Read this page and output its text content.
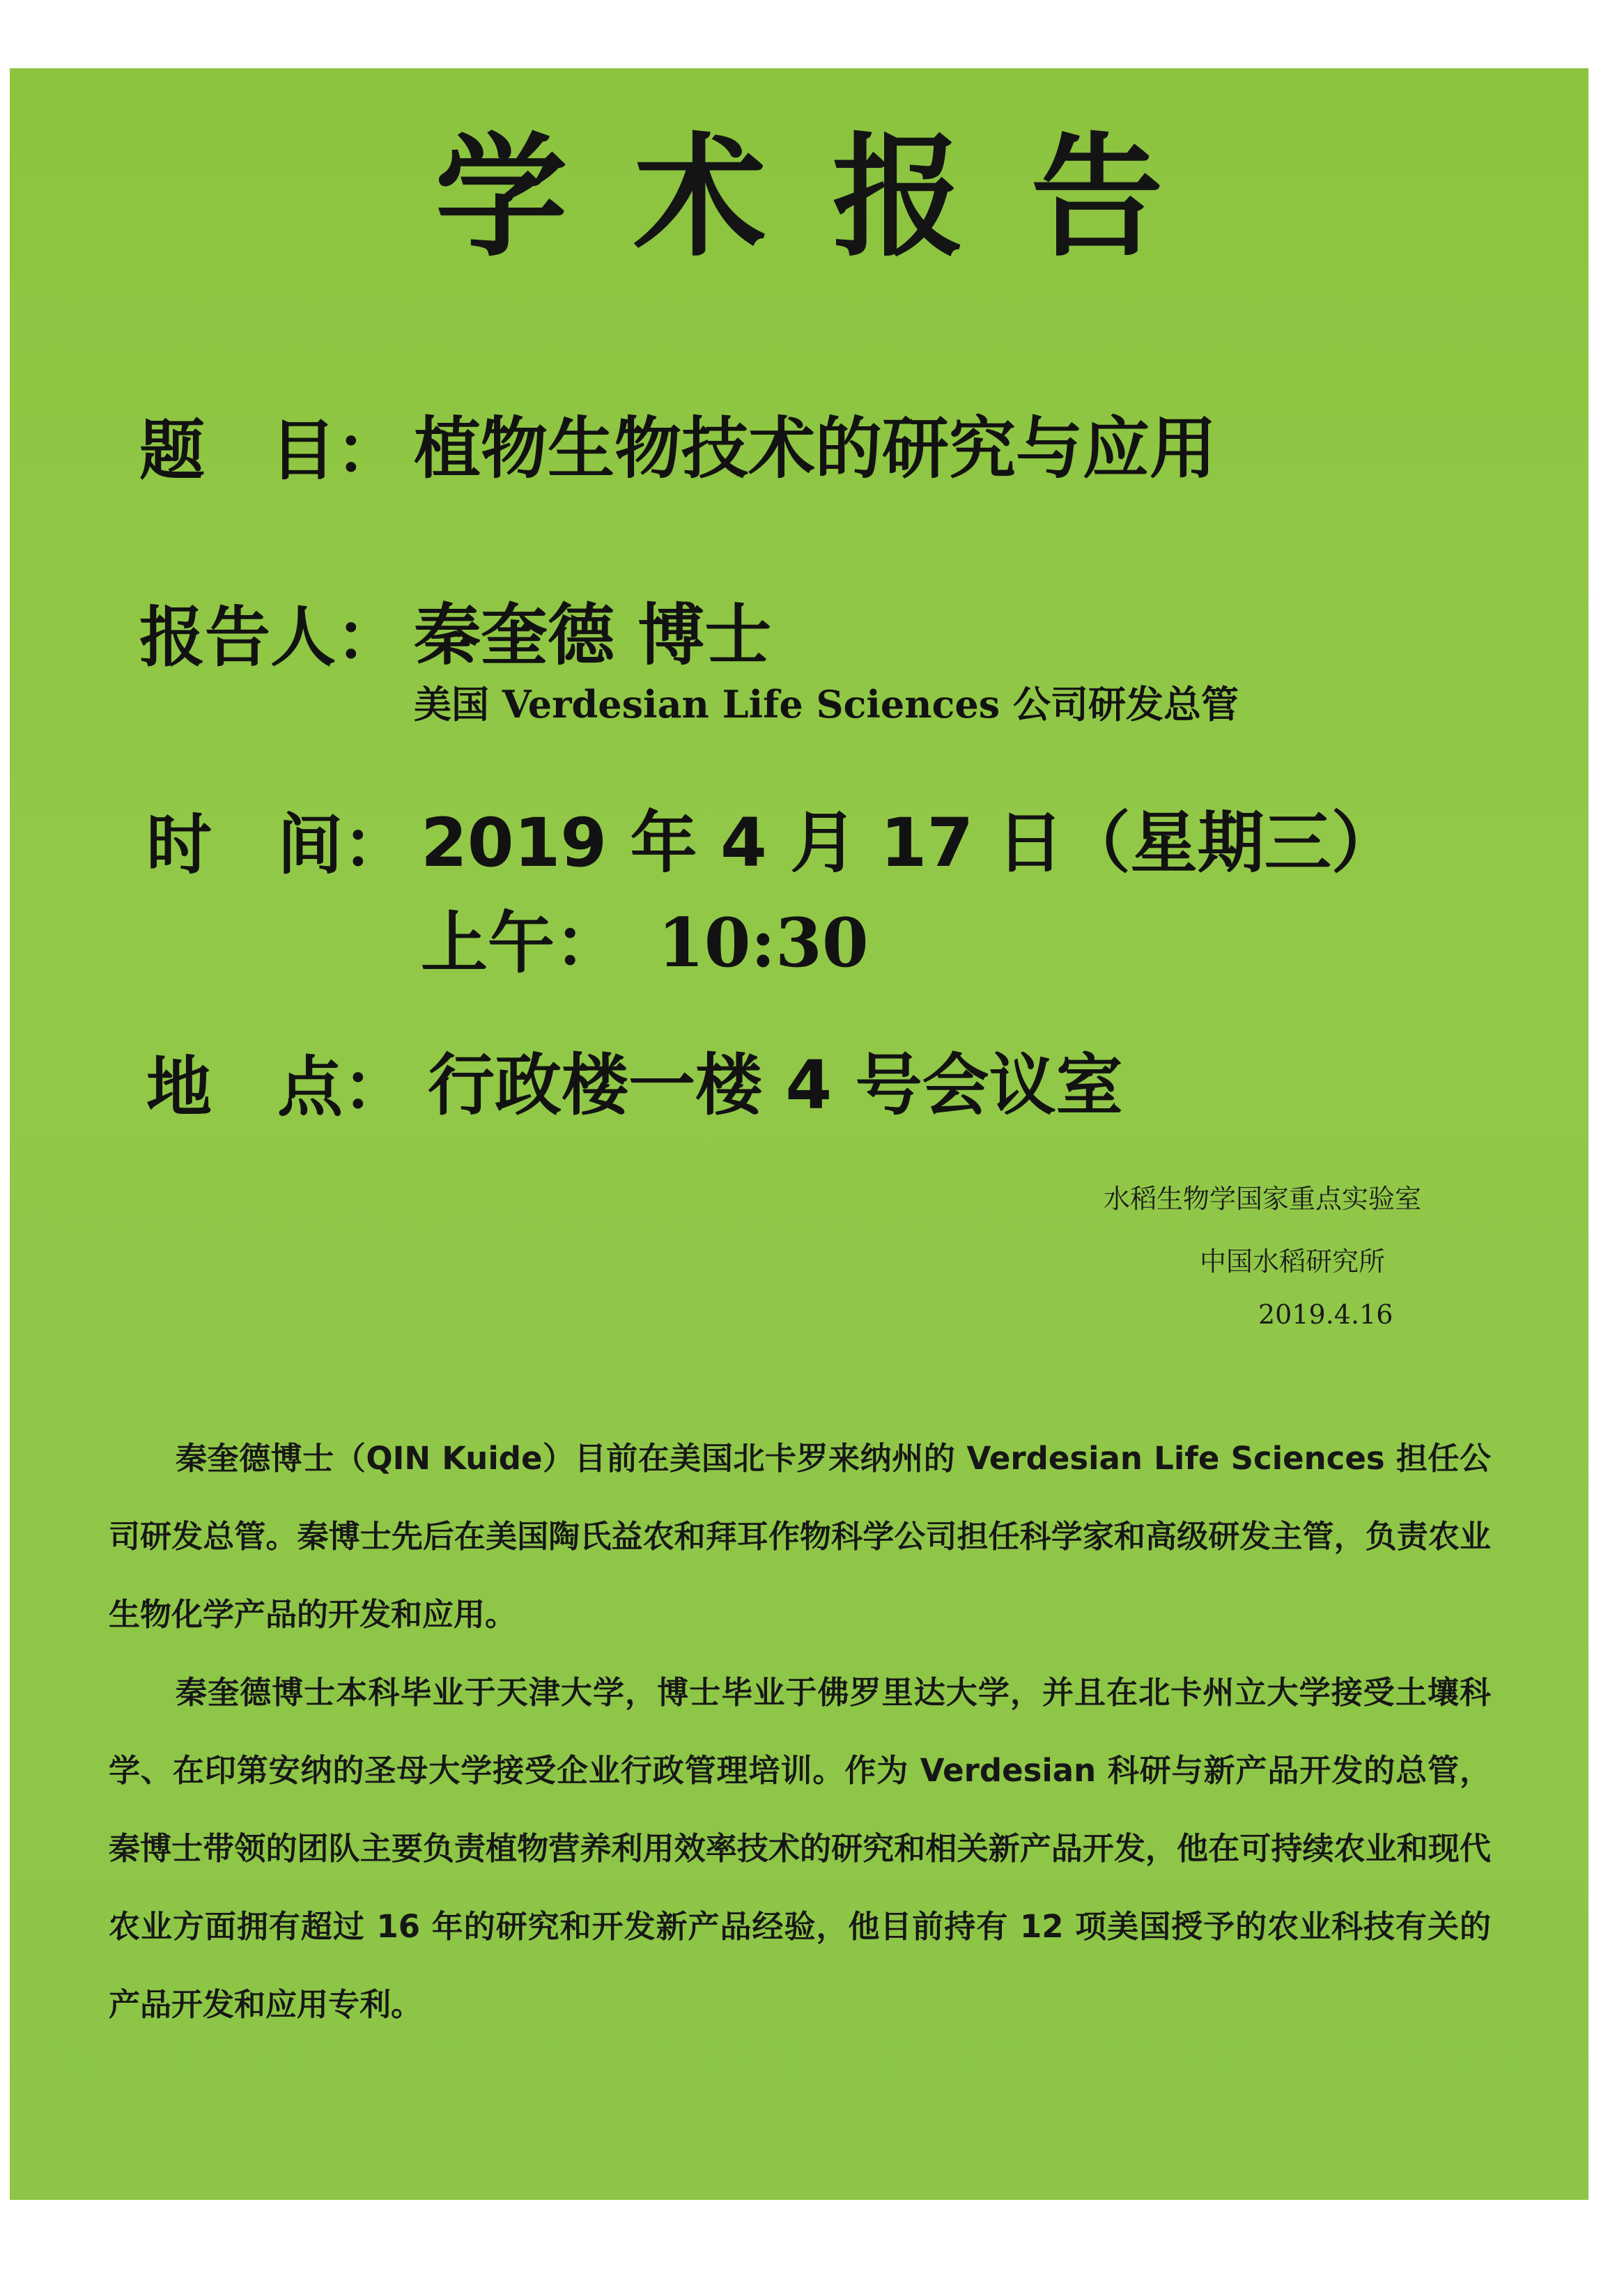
学术报告
题　目： 植物生物技术的研究与应用
报告人： 秦奎德 博士
美国 Verdesian Life Sciences 公司研发总管
时　间： 2019 年 4 月 17 日（星期三）
上午： 10:30
地　点： 行政楼一楼 4 号会议室
水稻生物学国家重点实验室
中国水稻研究所
2019.4.16

秦奎德博士（QIN Kuide）目前在美国北卡罗来纳州的 Verdesian Life Sciences 担任公司研发总管。秦博士先后在美国陶氏益农和拜耳作物科学公司担任科学家和高级研发主管，负责农业生物化学产品的开发和应用。

秦奎德博士本科毕业于天津大学，博士毕业于佛罗里达大学，并且在北卡州立大学接受土壤科学、在印第安纳的圣母大学接受企业行政管理培训。作为 Verdesian 科研与新产品开发的总管，秦博士带领的团队主要负责植物营养利用效率技术的研究和相关新产品开发，他在可持续农业和现代农业方面拥有超过 16 年的研究和开发新产品经验，他目前持有 12 项美国授予的农业科技有关的产品开发和应用专利。
